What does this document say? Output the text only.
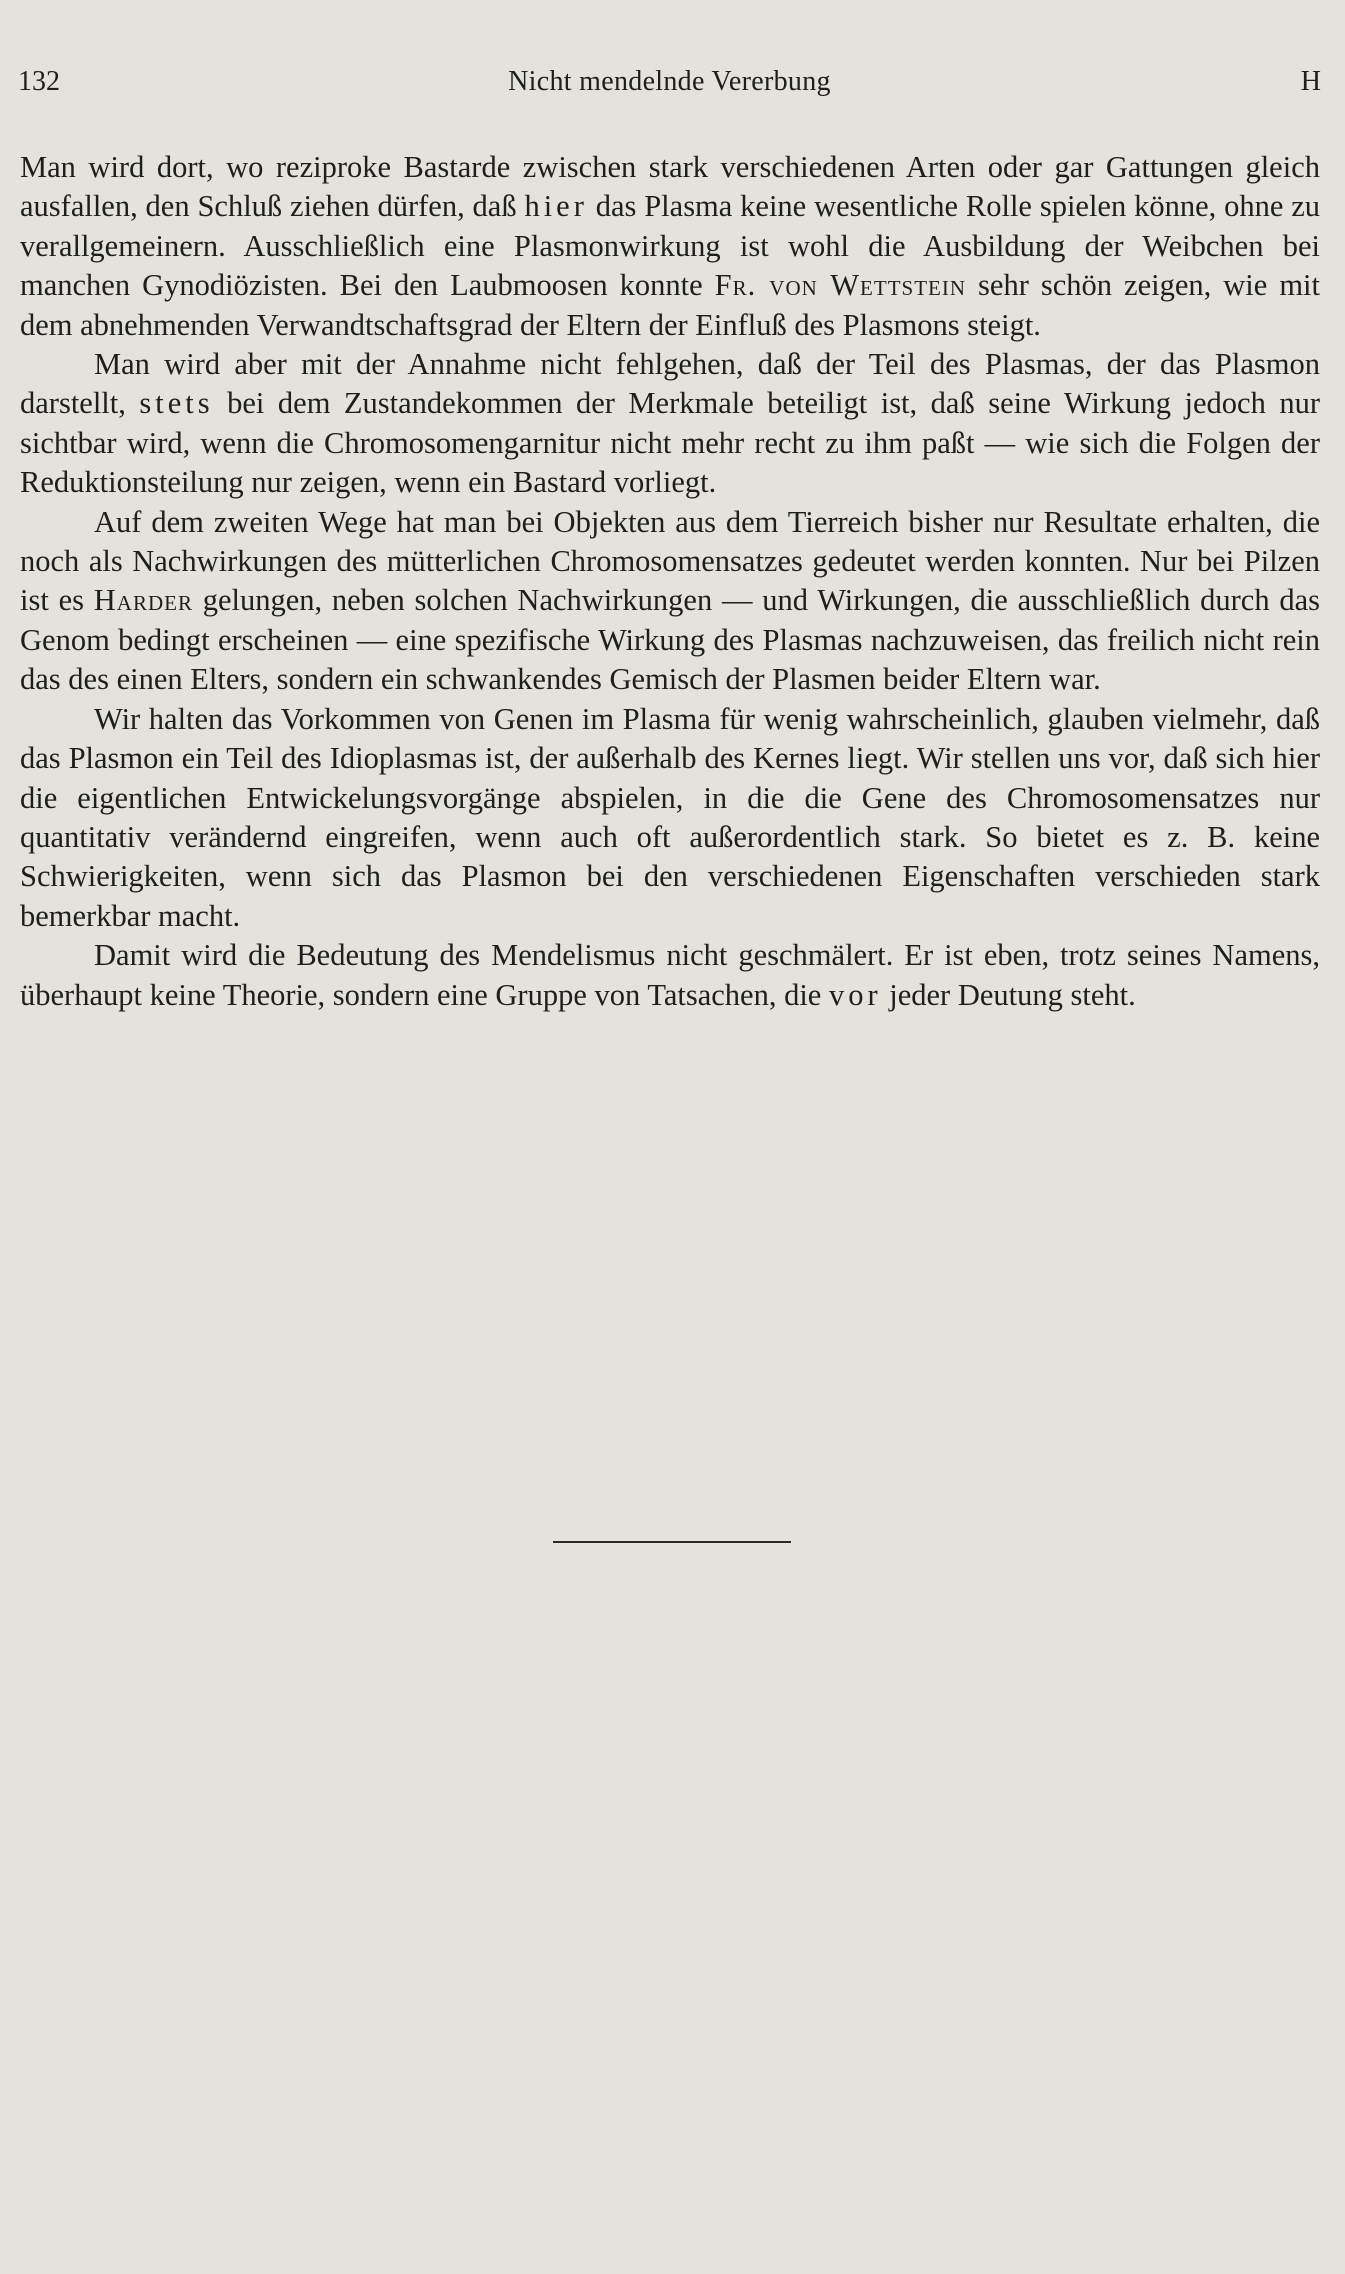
132	Nicht mendelnde Vererbung	H

Man wird dort, wo reziproke Bastarde zwischen stark verschiedenen Arten oder gar Gattungen gleich ausfallen, den Schluß ziehen dürfen, daß hier das Plasma keine wesentliche Rolle spielen könne, ohne zu verallgemeinern. Ausschließlich eine Plasmonwirkung ist wohl die Ausbildung der Weibchen bei manchen Gynodiözisten. Bei den Laubmoosen konnte Fr. von Wettstein sehr schön zeigen, wie mit dem abnehmenden Verwandtschaftsgrad der Eltern der Einfluß des Plasmons steigt.

Man wird aber mit der Annahme nicht fehlgehen, daß der Teil des Plasmas, der das Plasmon darstellt, stets bei dem Zustandekommen der Merkmale beteiligt ist, daß seine Wirkung jedoch nur sichtbar wird, wenn die Chromosomengarnitur nicht mehr recht zu ihm paßt — wie sich die Folgen der Reduktionsteilung nur zeigen, wenn ein Bastard vorliegt.

Auf dem zweiten Wege hat man bei Objekten aus dem Tierreich bisher nur Resultate erhalten, die noch als Nachwirkungen des mütterlichen Chromosomensatzes gedeutet werden konnten. Nur bei Pilzen ist es Harder gelungen, neben solchen Nachwirkungen — und Wirkungen, die ausschließlich durch das Genom bedingt erscheinen — eine spezifische Wirkung des Plasmas nachzuweisen, das freilich nicht rein das des einen Elters, sondern ein schwankendes Gemisch der Plasmen beider Eltern war.

Wir halten das Vorkommen von Genen im Plasma für wenig wahrscheinlich, glauben vielmehr, daß das Plasmon ein Teil des Idioplasmas ist, der außerhalb des Kernes liegt. Wir stellen uns vor, daß sich hier die eigentlichen Entwickelungsvorgänge abspielen, in die die Gene des Chromosomensatzes nur quantitativ verändernd eingreifen, wenn auch oft außerordentlich stark. So bietet es z. B. keine Schwierigkeiten, wenn sich das Plasmon bei den verschiedenen Eigenschaften verschieden stark bemerkbar macht.

Damit wird die Bedeutung des Mendelismus nicht geschmälert. Er ist eben, trotz seines Namens, überhaupt keine Theorie, sondern eine Gruppe von Tatsachen, die vor jeder Deutung steht.
